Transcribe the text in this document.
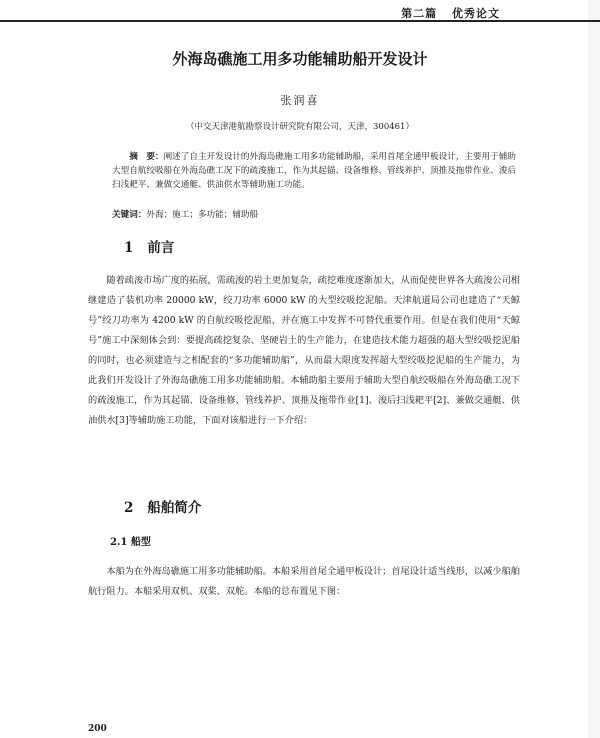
第二篇 优秀论文
外海岛礁施工用多功能辅助船开发设计
张润喜
（中交天津港航勘察设计研究院有限公司，天津，300461）

摘　要：阐述了自主开发设计的外海岛礁施工用多功能辅助船，采用首尾全通甲板设计，主要用于辅助大型自航绞吸船在外海岛礁工况下的疏浚施工，作为其起锚、设备维修、管线养护、顶推及拖带作业、浚后扫浅耙平、兼做交通艇、供油供水等辅助施工功能。

关键词：外海；施工；多功能；辅助船
1 前言

随着疏浚市场广度的拓展，需疏浚的岩土更加复杂，疏挖难度逐渐加大，从而促使世界各大疏浚公司相继建造了装机功率 20000 kW，绞刀功率 6000 kW 的大型绞吸挖泥船。天津航道局公司也建造了“天鲸号”绞刀功率为 4200 kW 的自航绞吸挖泥船，并在施工中发挥不可替代重要作用。但是在我们使用“天鲸号”施工中深刻体会到：要提高疏挖复杂、坚硬岩土的生产能力，在建造技术能力超强的超大型绞吸挖泥船的同时，也必须建造与之相配套的“多功能辅助船”，从而最大限度发挥超大型绞吸挖泥船的生产能力，为此我们开发设计了外海岛礁施工用多功能辅助船。本辅助船主要用于辅助大型自航绞吸船在外海岛礁工况下的疏浚施工，作为其起锚、设备维修、管线养护、顶推及拖带作业[1]、浚后扫浅耙平[2]、兼做交通艇、供油供水[3]等辅助施工功能，下面对该船进行一下介绍：

2 船舶简介
2.1 船型

本船为在外海岛礁施工用多功能辅助船。本船采用首尾全通甲板设计；首尾设计适当线形，以减少船舶航行阻力。本船采用双机、双桨、双舵。本船的总布置见下图：

200
